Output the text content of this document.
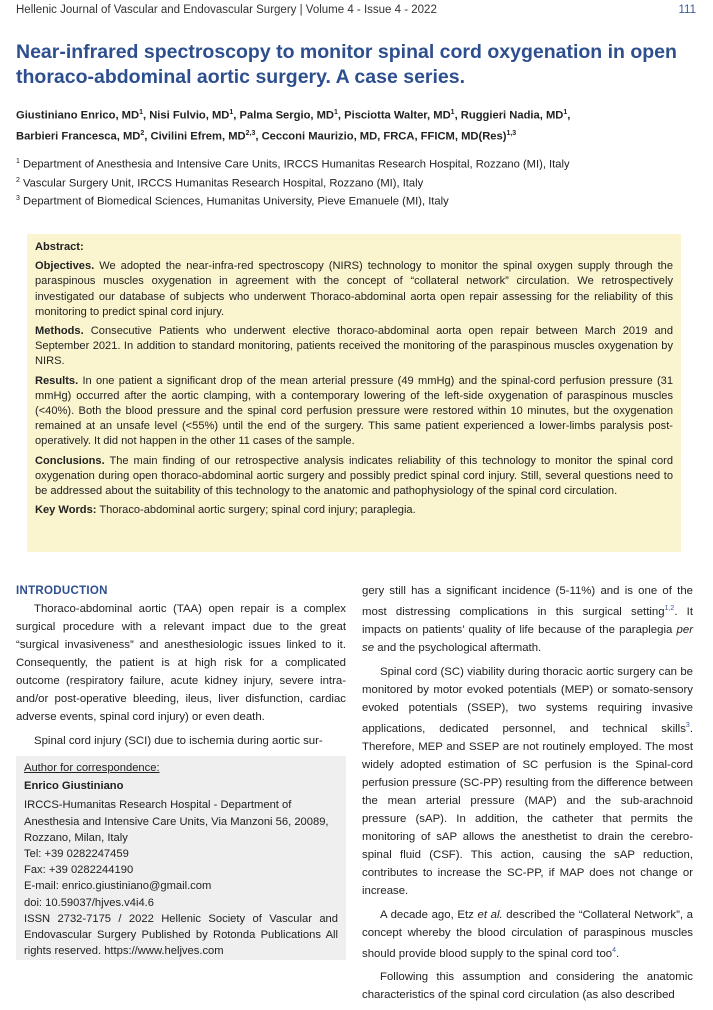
Hellenic Journal of Vascular and Endovascular Surgery | Volume 4 - Issue 4 - 2022	111
Near-infrared spectroscopy to monitor spinal cord oxygenation in open thoraco-abdominal aortic surgery. A case series.
Giustiniano Enrico, $MD^1$, Nisi Fulvio, $MD^1$, Palma Sergio, $MD^1$, Pisciotta Walter, $MD^1$, Ruggieri Nadia, $MD^1$,
Barbieri Francesca, $MD^2$, Civilini Efrem, MD$^{2,3}$, Cecconi Maurizio, MD, FRCA, FFICM, MD(Res)$^{1,3}$
$^1$ Department of Anesthesia and Intensive Care Units, IRCCS Humanitas Research Hospital, Rozzano (MI), Italy
$^2$ Vascular Surgery Unit, IRCCS Humanitas Research Hospital, Rozzano (MI), Italy
$^3$ Department of Biomedical Sciences, Humanitas University, Pieve Emanuele (MI), Italy

Abstract:

Objectives. We adopted the near-infra-red spectroscopy (NIRS) technology to monitor the spinal oxygen supply through the paraspinous muscles oxygenation in agreement with the concept of “collateral network” circulation. We retrospectively investigated our database of subjects who underwent Thoraco-abdominal aorta open repair assessing for the reliability of this monitoring to predict spinal cord injury.

Methods. Consecutive Patients who underwent elective thoraco-abdominal aorta open repair between March 2019 and September 2021. In addition to standard monitoring, patients received the monitoring of the paraspinous muscles oxygenation by NIRS.

Results. In one patient a significant drop of the mean arterial pressure (49 mmHg) and the spinal-cord perfusion pressure (31 mmHg) occurred after the aortic clamping, with a contemporary lowering of the left-side oxygenation of paraspinous muscles (<40%). Both the blood pressure and the spinal cord perfusion pressure were restored within 10 minutes, but the oxygenation remained at an unsafe level (<55%) until the end of the surgery. This same patient experienced a lower-limbs paralysis post-operatively. It did not happen in the other 11 cases of the sample.

Conclusions. The main finding of our retrospective analysis indicates reliability of this technology to monitor the spinal cord oxygenation during open thoraco-abdominal aortic surgery and possibly predict spinal cord injury. Still, several questions need to be addressed about the suitability of this technology to the anatomic and pathophysiology of the spinal cord circulation.

Key Words: Thoraco-abdominal aortic surgery; spinal cord injury; paraplegia.

INTRODUCTION

Thoraco-abdominal aortic (TAA) open repair is a complex surgical procedure with a relevant impact due to the great “surgical invasiveness” and anesthesiologic issues linked to it. Consequently, the patient is at high risk for a complicated outcome (respiratory failure, acute kidney injury, severe intra- and/or post-operative bleeding, ileus, liver disfunction, cardiac adverse events, spinal cord injury) or even death.

Spinal cord injury (SCI) due to ischemia during aortic sur-

Author for correspondence:
Enrico Giustiniano
IRCCS-Humanitas Research Hospital - Department of Anesthesia and Intensive Care Units, Via Manzoni 56, 20089, Rozzano, Milan, Italy
Tel: +39 0282247459
Fax: +39 0282244190
E-mail: enrico.giustiniano@gmail.com
doi: 10.59037/hjves.v4i4.6
ISSN 2732-7175 / 2022 Hellenic Society of Vascular and Endovascular Surgery Published by Rotonda Publications All rights reserved. https://www.heljves.com

gery still has a significant incidence (5-11%) and is one of the most distressing complications in this surgical setting$^{1,2}$. It impacts on patients’ quality of life because of the paraplegia per se and the psychological aftermath.

Spinal cord (SC) viability during thoracic aortic surgery can be monitored by motor evoked potentials (MEP) or somato-sensory evoked potentials (SSEP), two systems requiring invasive applications, dedicated personnel, and technical skills$^3$. Therefore, MEP and SSEP are not routinely employed. The most widely adopted estimation of SC perfusion is the Spinal-cord perfusion pressure (SC-PP) resulting from the difference between the mean arterial pressure (MAP) and the sub-arachnoid pressure (sAP). In addition, the catheter that permits the monitoring of sAP allows the anesthetist to drain the cerebro-spinal fluid (CSF). This action, causing the sAP reduction, contributes to increase the SC-PP, if MAP does not change or increase.

A decade ago, Etz et al. described the “Collateral Network”, a concept whereby the blood circulation of paraspinous muscles should provide blood supply to the spinal cord too$^4$.

Following this assumption and considering the anatomic characteristics of the spinal cord circulation (as also described
